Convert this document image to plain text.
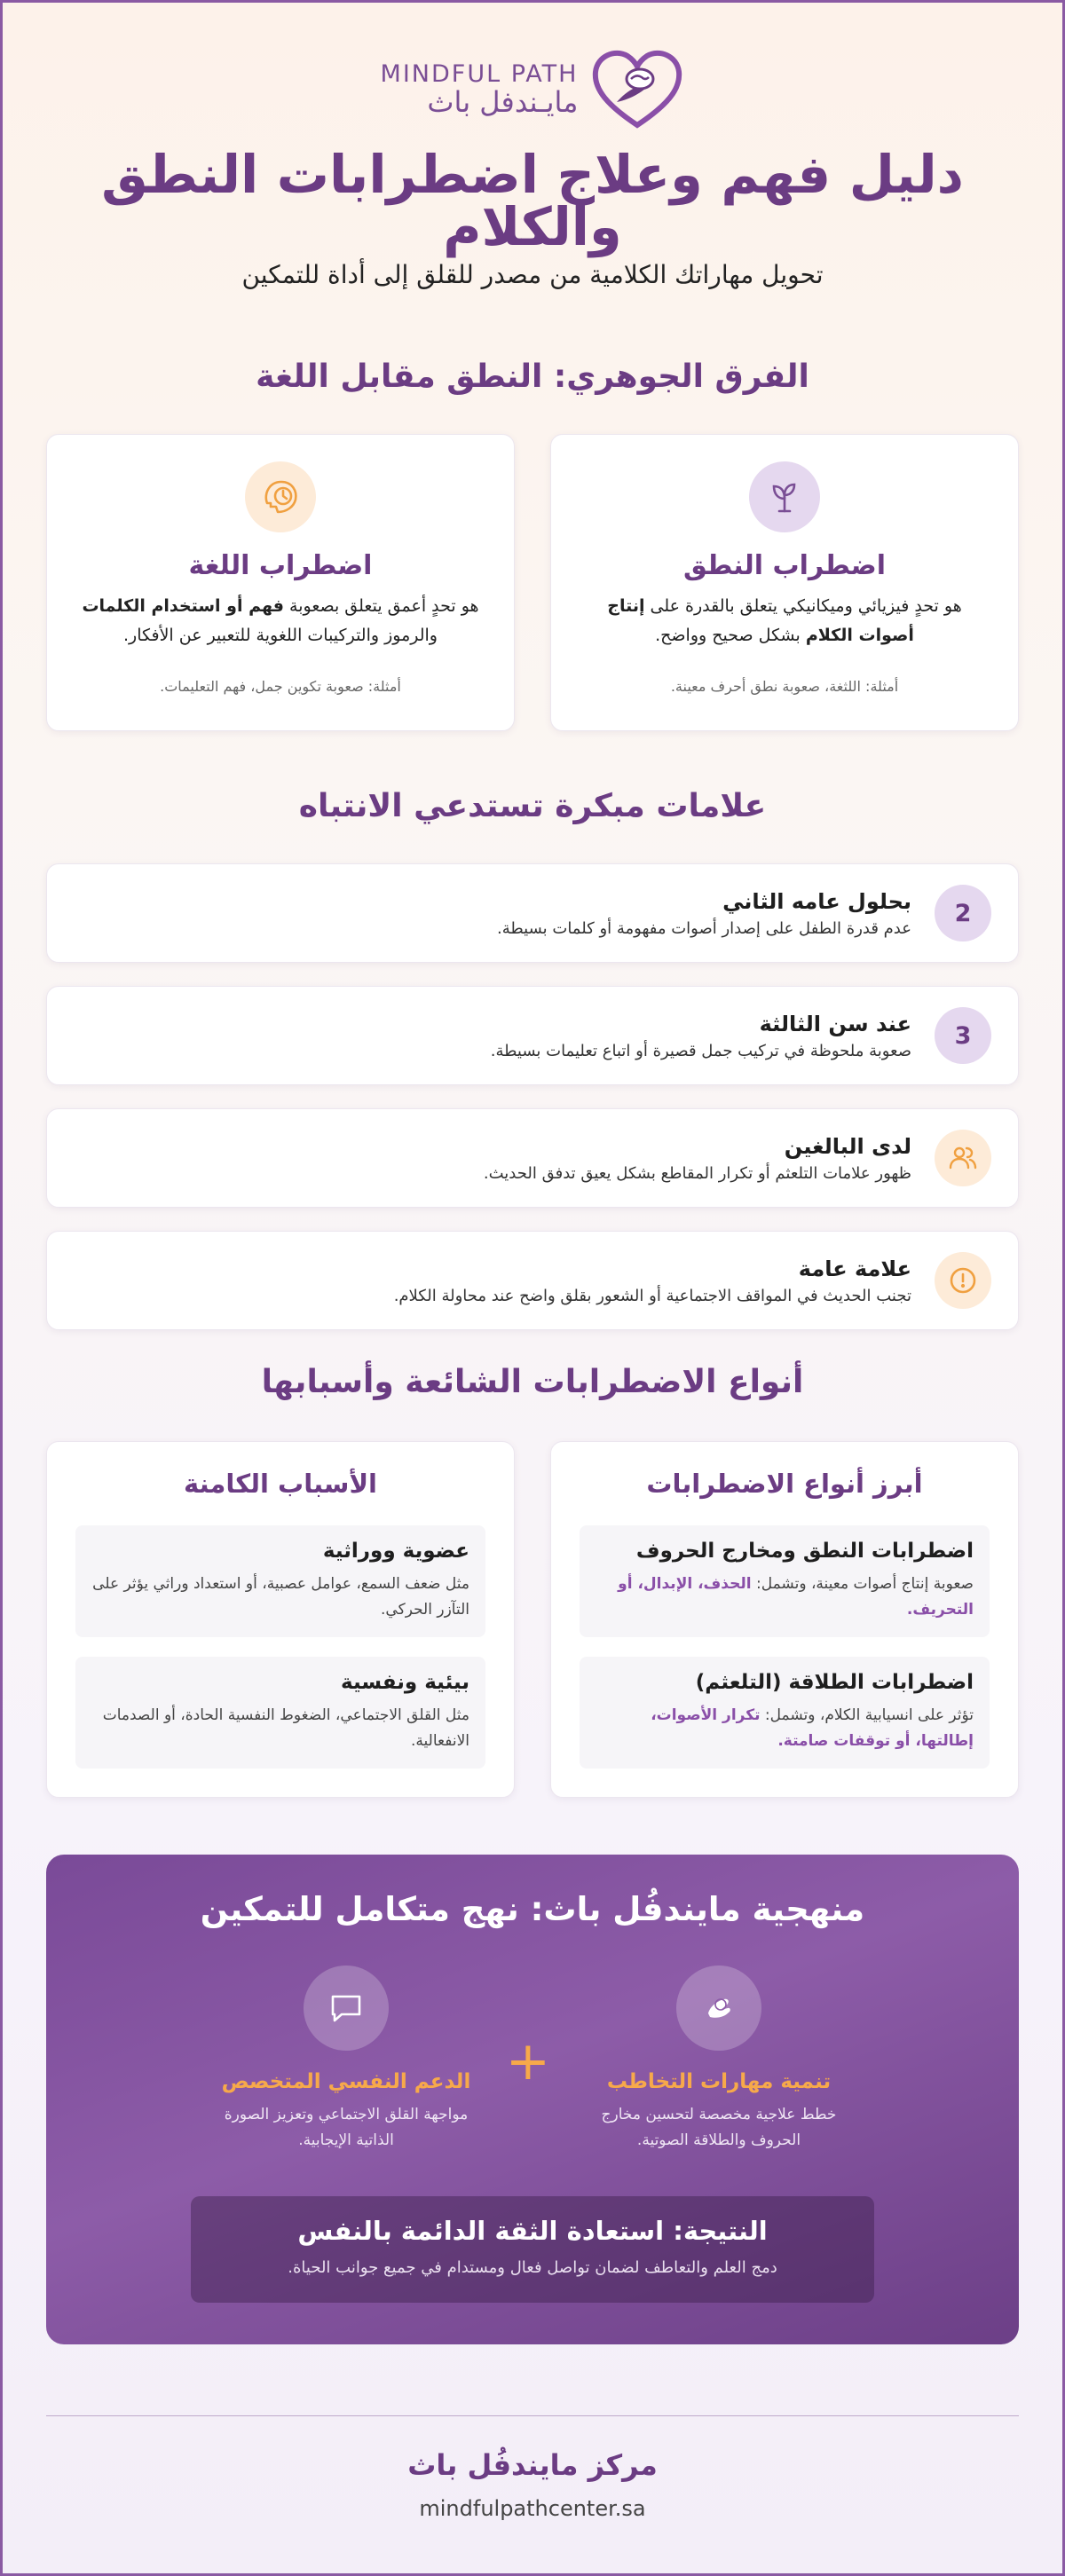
MINDFUL PATH
مايـندفل باث
دليل فهم وعلاج اضطرابات النطق والكلام

تحويل مهاراتك الكلامية من مصدر للقلق إلى أداة للتمكين

الفرق الجوهري: النطق مقابل اللغة
اضطراب النطق

هو تحدٍ فيزيائي وميكانيكي يتعلق بالقدرة على إنتاج أصوات الكلام بشكل صحيح وواضح.

أمثلة: اللثغة، صعوبة نطق أحرف معينة.
اضطراب اللغة

هو تحدٍ أعمق يتعلق بصعوبة فهم أو استخدام الكلمات والرموز والتركيبات اللغوية للتعبير عن الأفكار.

أمثلة: صعوبة تكوين جمل، فهم التعليمات.
علامات مبكرة تستدعي الانتباه
2
بحلول عامه الثاني
عدم قدرة الطفل على إصدار أصوات مفهومة أو كلمات بسيطة.
3
عند سن الثالثة
صعوبة ملحوظة في تركيب جمل قصيرة أو اتباع تعليمات بسيطة.
لدى البالغين
ظهور علامات التلعثم أو تكرار المقاطع بشكل يعيق تدفق الحديث.
علامة عامة
تجنب الحديث في المواقف الاجتماعية أو الشعور بقلق واضح عند محاولة الكلام.
أنواع الاضطرابات الشائعة وأسبابها
أبرز أنواع الاضطرابات
اضطرابات النطق ومخارج الحروف
صعوبة إنتاج أصوات معينة، وتشمل: الحذف، الإبدال، أو التحريف.
اضطرابات الطلاقة (التلعثم)
تؤثر على انسيابية الكلام، وتشمل: تكرار الأصوات، إطالتها، أو توقفات صامتة.
الأسباب الكامنة
عضوية ووراثية
مثل ضعف السمع، عوامل عصبية، أو استعداد وراثي يؤثر على التآزر الحركي.
بيئية ونفسية
مثل القلق الاجتماعي، الضغوط النفسية الحادة، أو الصدمات الانفعالية.
منهجية مايندفُل باث: نهج متكامل للتمكين
تنمية مهارات التخاطب
خطط علاجية مخصصة لتحسين مخارج الحروف والطلاقة الصوتية.
+
الدعم النفسي المتخصص
مواجهة القلق الاجتماعي وتعزيز الصورة الذاتية الإيجابية.
النتيجة: استعادة الثقة الدائمة بالنفس
دمج العلم والتعاطف لضمان تواصل فعال ومستدام في جميع جوانب الحياة.
مركز مايندفُل باث
mindfulpathcenter.sa
